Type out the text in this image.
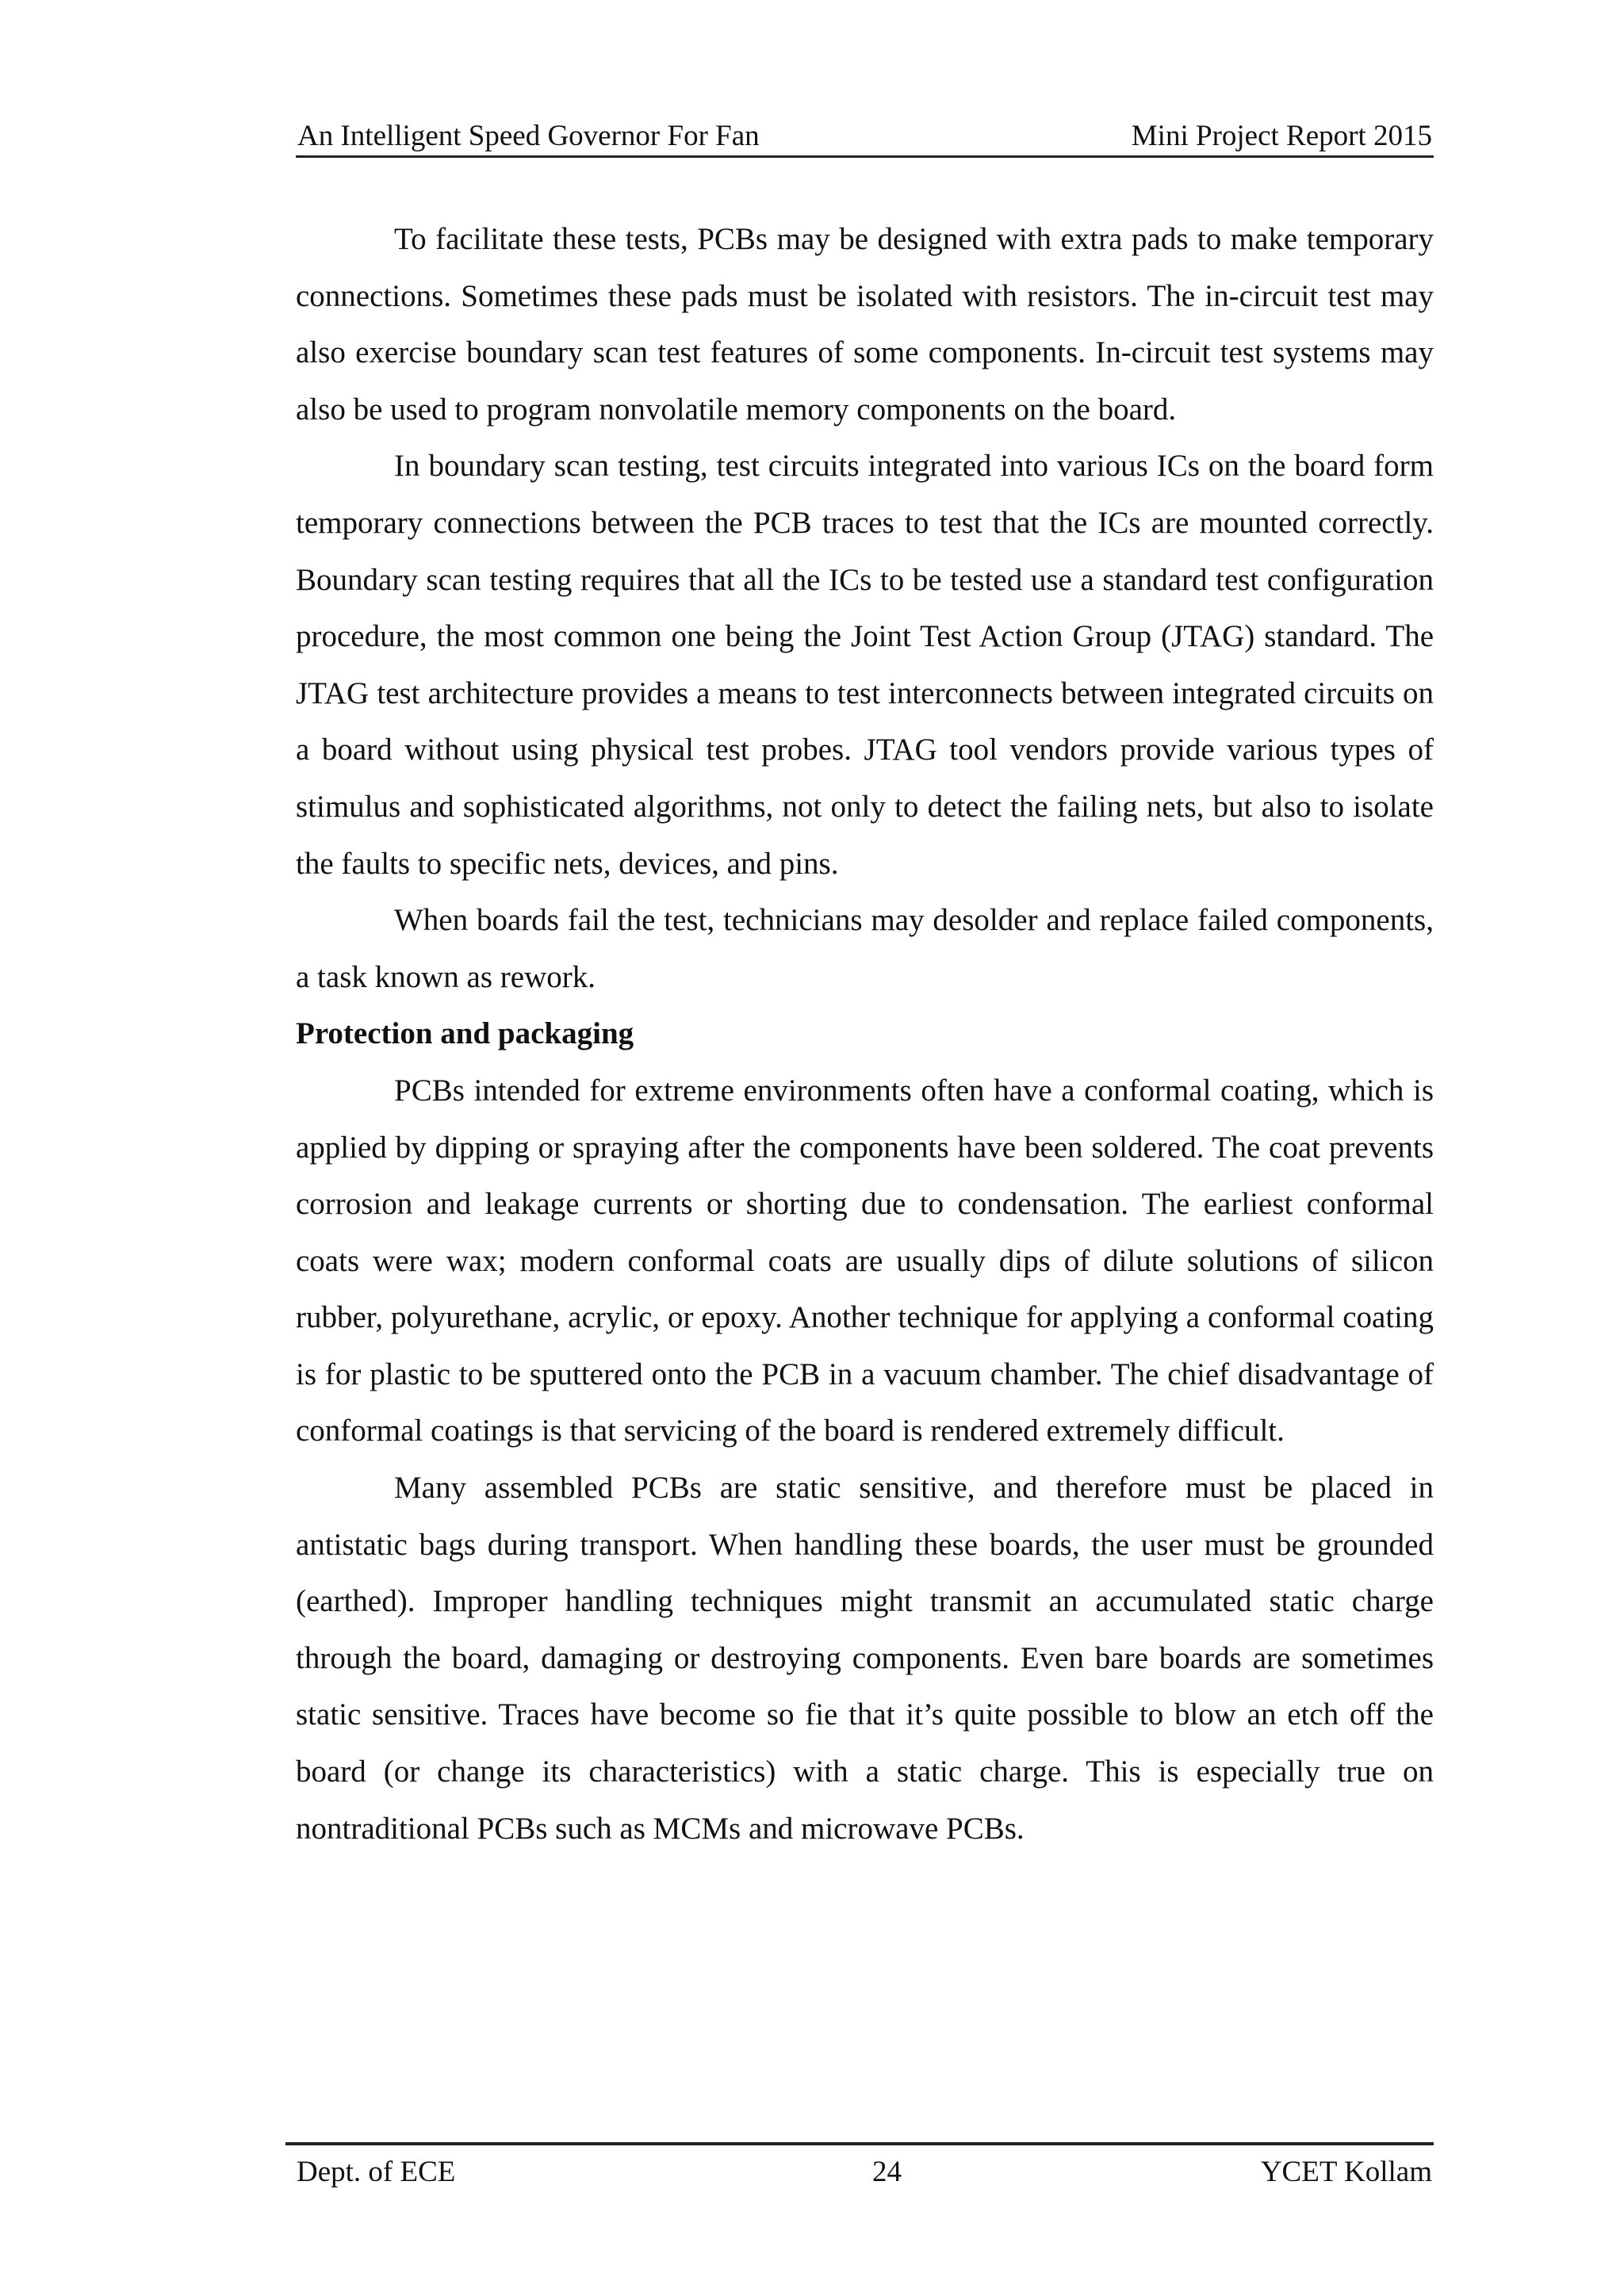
An Intelligent Speed Governor For Fan	Mini Project Report 2015

To facilitate these tests, PCBs may be designed with extra pads to make temporary connections. Sometimes these pads must be isolated with resistors. The in-circuit test may also exercise boundary scan test features of some components. In-circuit test systems may also be used to program nonvolatile memory components on the board.

In boundary scan testing, test circuits integrated into various ICs on the board form temporary connections between the PCB traces to test that the ICs are mounted correctly. Boundary scan testing requires that all the ICs to be tested use a standard test configuration procedure, the most common one being the Joint Test Action Group (JTAG) standard. The JTAG test architecture provides a means to test interconnects between integrated circuits on a board without using physical test probes. JTAG tool vendors provide various types of stimulus and sophisticated algorithms, not only to detect the failing nets, but also to isolate the faults to specific nets, devices, and pins.

When boards fail the test, technicians may desolder and replace failed components, a task known as rework.

Protection and packaging

PCBs intended for extreme environments often have a conformal coating, which is applied by dipping or spraying after the components have been soldered. The coat prevents corrosion and leakage currents or shorting due to condensation. The earliest conformal coats were wax; modern conformal coats are usually dips of dilute solutions of silicon rubber, polyurethane, acrylic, or epoxy. Another technique for applying a conformal coating is for plastic to be sputtered onto the PCB in a vacuum chamber. The chief disadvantage of conformal coatings is that servicing of the board is rendered extremely difficult.

Many assembled PCBs are static sensitive, and therefore must be placed in antistatic bags during transport. When handling these boards, the user must be grounded (earthed). Improper handling techniques might transmit an accumulated static charge through the board, damaging or destroying components. Even bare boards are sometimes static sensitive. Traces have become so fie that it’s quite possible to blow an etch off the board (or change its characteristics) with a static charge. This is especially true on nontraditional PCBs such as MCMs and microwave PCBs.

Dept. of ECE	24	YCET Kollam
